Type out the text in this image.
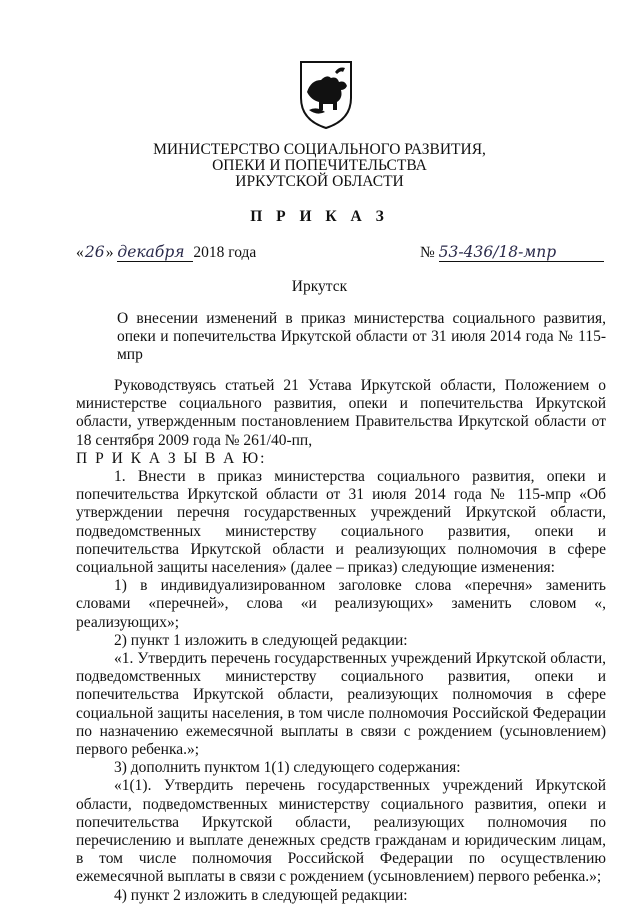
МИНИСТЕРСТВО СОЦИАЛЬНОГО РАЗВИТИЯ,
ОПЕКИ И ПОПЕЧИТЕЛЬСТВА
ИРКУТСКОЙ ОБЛАСТИ
П Р И К А З
«26» декабря 2018 года	№ 53-436/18-мпр
Иркутск
О внесении изменений в приказ министерства социального развития, опеки и попечительства Иркутской области от 31 июля 2014 года № 115-мпр

Руководствуясь статьей 21 Устава Иркутской области, Положением о министерстве социального развития, опеки и попечительства Иркутской области, утвержденным постановлением Правительства Иркутской области от 18 сентября 2009 года № 261/40-пп,

П Р И К А З Ы В А Ю:

1. Внести в приказ министерства социального развития, опеки и попечительства Иркутской области от 31 июля 2014 года № 115-мпр «Об утверждении перечня государственных учреждений Иркутской области, подведомственных министерству социального развития, опеки и попечительства Иркутской области и реализующих полномочия в сфере социальной защиты населения» (далее – приказ) следующие изменения:

1) в индивидуализированном заголовке слова «перечня» заменить словами «перечней», слова «и реализующих» заменить словом «, реализующих»;

2) пункт 1 изложить в следующей редакции:

«1. Утвердить перечень государственных учреждений Иркутской области, подведомственных министерству социального развития, опеки и попечительства Иркутской области, реализующих полномочия в сфере социальной защиты населения, в том числе полномочия Российской Федерации по назначению ежемесячной выплаты в связи с рождением (усыновлением) первого ребенка.»;

3) дополнить пунктом 1(1) следующего содержания:

«1(1). Утвердить перечень государственных учреждений Иркутской области, подведомственных министерству социального развития, опеки и попечительства Иркутской области, реализующих полномочия по перечислению и выплате денежных средств гражданам и юридическим лицам, в том числе полномочия Российской Федерации по осуществлению ежемесячной выплаты в связи с рождением (усыновлением) первого ребенка.»;

4) пункт 2 изложить в следующей редакции:
